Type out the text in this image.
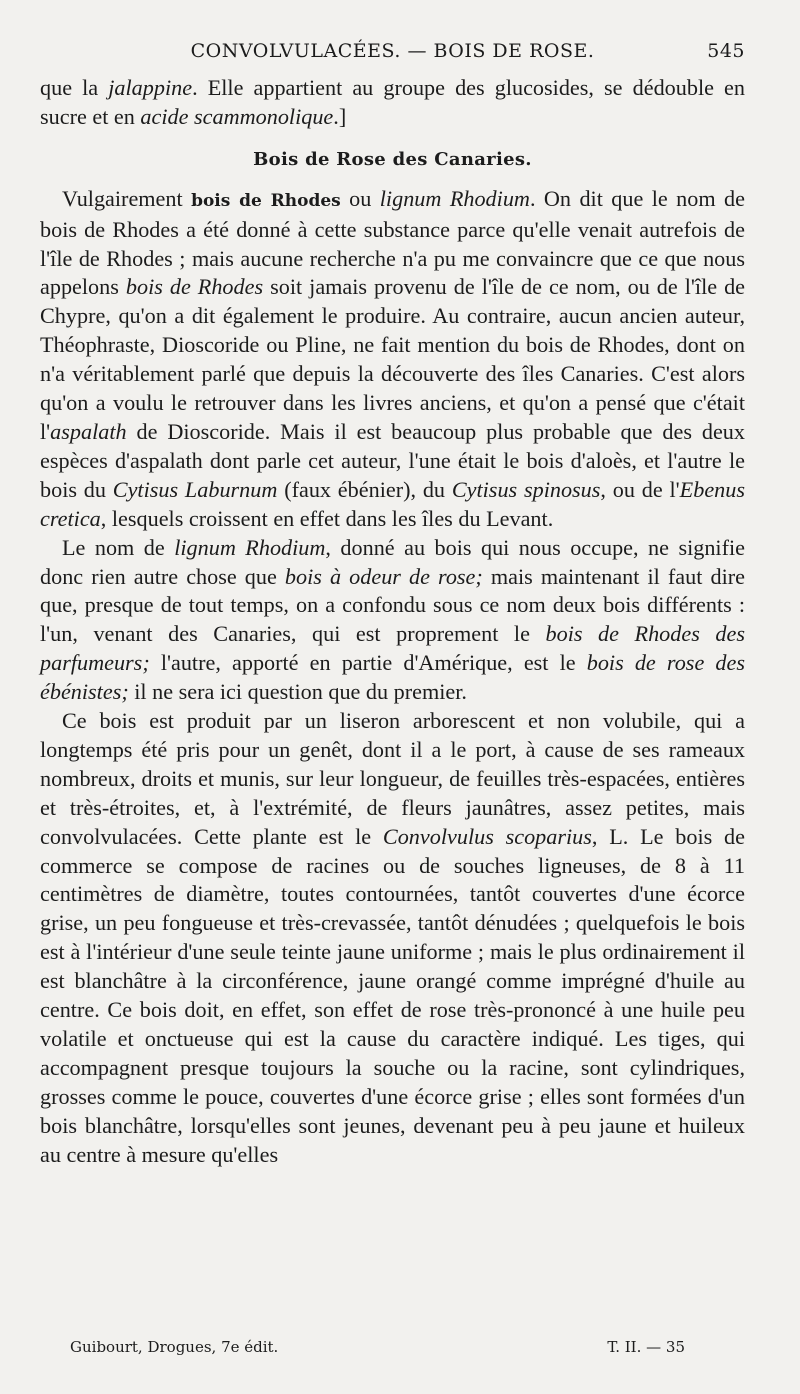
CONVOLVULACÉES. — BOIS DE ROSE.	545

que la jalappine. Elle appartient au groupe des glucosides, se dédouble en sucre et en acide scammonolique.]

Bois de Rose des Canaries.

Vulgairement bois de Rhodes ou lignum Rhodium. On dit que le nom de bois de Rhodes a été donné à cette substance parce qu'elle venait autrefois de l'île de Rhodes ; mais aucune recherche n'a pu me convaincre que ce que nous appelons bois de Rhodes soit jamais provenu de l'île de ce nom, ou de l'île de Chypre, qu'on a dit également le produire. Au contraire, aucun ancien auteur, Théophraste, Dioscoride ou Pline, ne fait mention du bois de Rhodes, dont on n'a véritablement parlé que depuis la découverte des îles Canaries. C'est alors qu'on a voulu le retrouver dans les livres anciens, et qu'on a pensé que c'était l'aspalath de Dioscoride. Mais il est beaucoup plus probable que des deux espèces d'aspalath dont parle cet auteur, l'une était le bois d'aloès, et l'autre le bois du Cytisus Laburnum (faux ébénier), du Cytisus spinosus, ou de l'Ebenus cretica, lesquels croissent en effet dans les îles du Levant.

Le nom de lignum Rhodium, donné au bois qui nous occupe, ne signifie donc rien autre chose que bois à odeur de rose; mais maintenant il faut dire que, presque de tout temps, on a confondu sous ce nom deux bois différents : l'un, venant des Canaries, qui est proprement le bois de Rhodes des parfumeurs; l'autre, apporté en partie d'Amérique, est le bois de rose des ébénistes; il ne sera ici question que du premier.

Ce bois est produit par un liseron arborescent et non volubile, qui a longtemps été pris pour un genêt, dont il a le port, à cause de ses rameaux nombreux, droits et munis, sur leur longueur, de feuilles très-espacées, entières et très-étroites, et, à l'extrémité, de fleurs jaunâtres, assez petites, mais convolvulacées. Cette plante est le Convolvulus scoparius, L. Le bois de commerce se compose de racines ou de souches ligneuses, de 8 à 11 centimètres de diamètre, toutes contournées, tantôt couvertes d'une écorce grise, un peu fongueuse et très-crevassée, tantôt dénudées ; quelquefois le bois est à l'intérieur d'une seule teinte jaune uniforme ; mais le plus ordinairement il est blanchâtre à la circonférence, jaune orangé comme imprégné d'huile au centre. Ce bois doit, en effet, son effet de rose très-prononcé à une huile peu volatile et onctueuse qui est la cause du caractère indiqué. Les tiges, qui accompagnent presque toujours la souche ou la racine, sont cylindriques, grosses comme le pouce, couvertes d'une écorce grise ; elles sont formées d'un bois blanchâtre, lorsqu'elles sont jeunes, devenant peu à peu jaune et huileux au centre à mesure qu'elles

Guibourt, Drogues, 7e édit.	T. II. — 35
